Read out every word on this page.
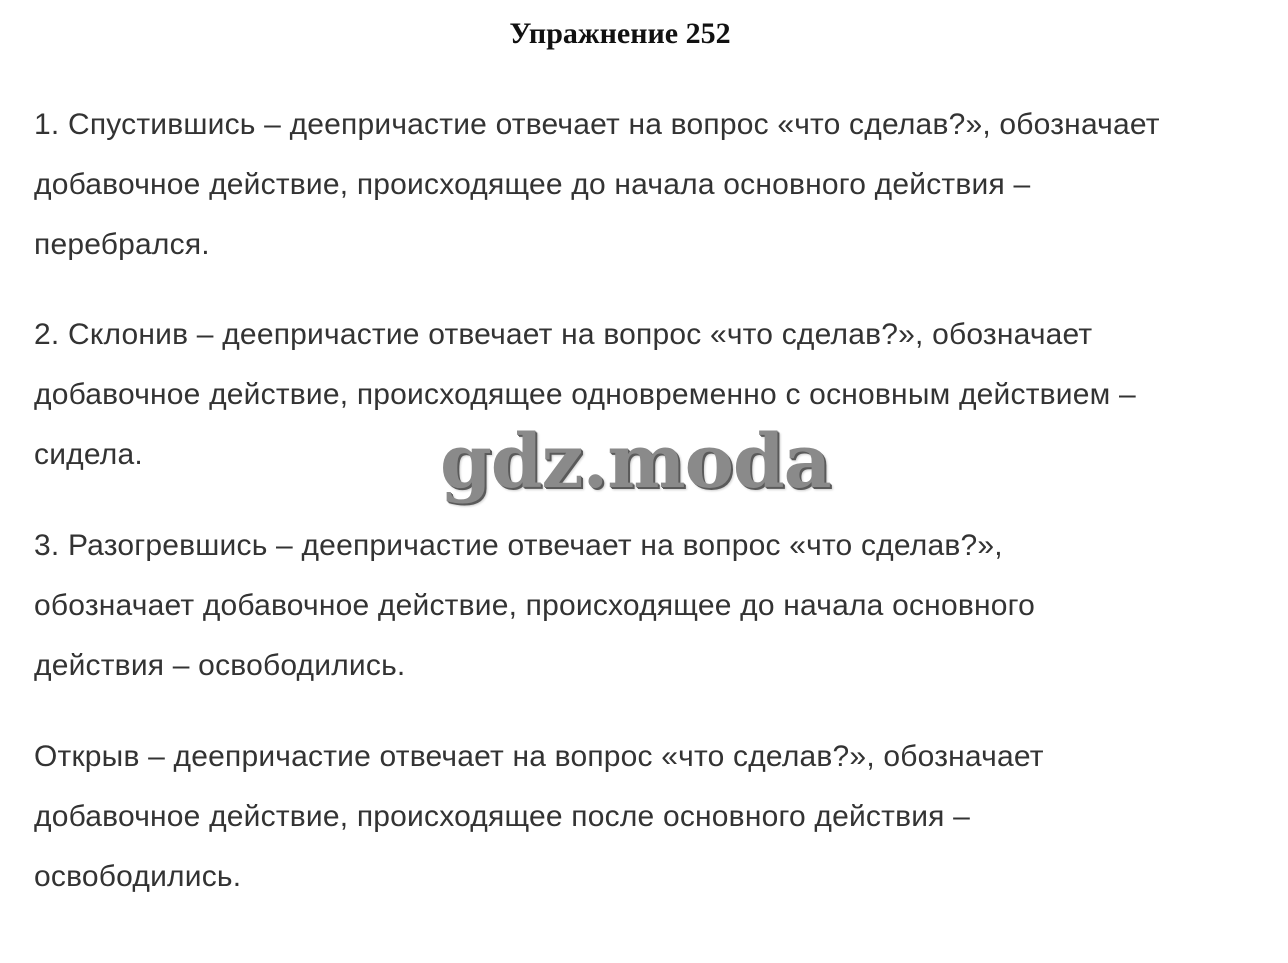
Упражнение 252

1. Спустившись – деепричастие отвечает на вопрос «что сделав?», обозначает
добавочное действие, происходящее до начала основного действия –
перебрался.

2. Склонив – деепричастие отвечает на вопрос «что сделав?», обозначает
добавочное действие, происходящее одновременно с основным действием –
сидела.

3. Разогревшись – деепричастие отвечает на вопрос «что сделав?»,
обозначает добавочное действие, происходящее до начала основного
действия – освободились.

Открыв – деепричастие отвечает на вопрос «что сделав?», обозначает
добавочное действие, происходящее после основного действия –
освободились.

gdz.moda
